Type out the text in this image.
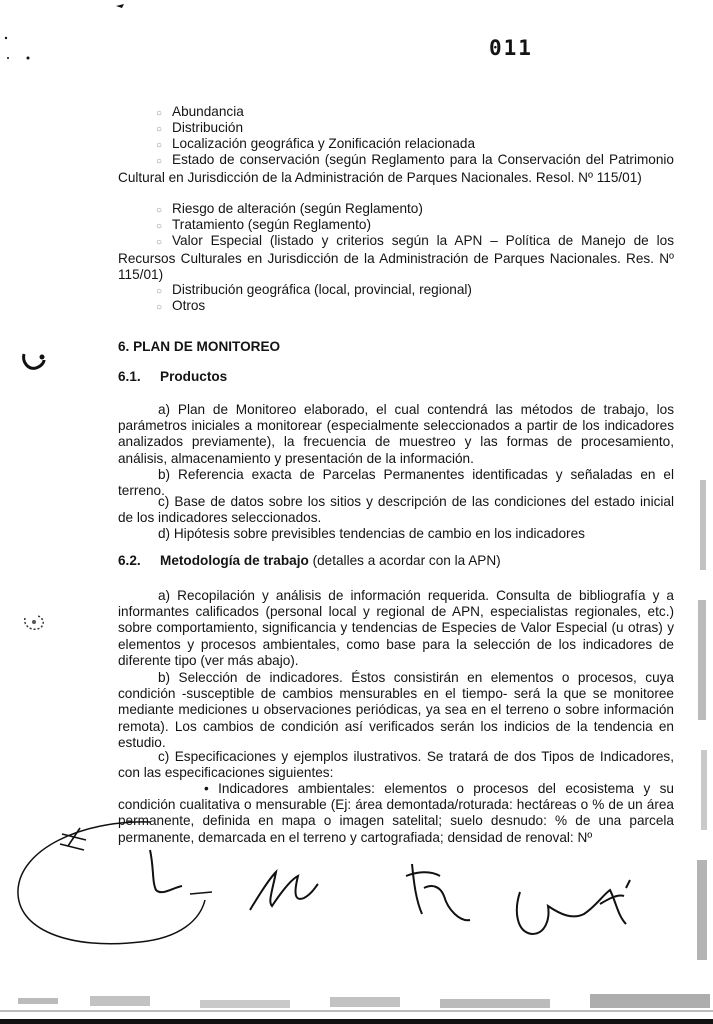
011
○ Abundancia
○ Distribución
○ Localización geográfica y Zonificación relacionada
○ Estado de conservación (según Reglamento para la Conservación del Patrimonio Cultural en Jurisdicción de la Administración de Parques Nacionales. Resol. Nº 115/01)
○ Riesgo de alteración (según Reglamento)
○ Tratamiento (según Reglamento)
○ Valor Especial (listado y criterios según la APN – Política de Manejo de los Recursos Culturales en Jurisdicción de la Administración de Parques Nacionales. Res. Nº 115/01)
○ Distribución geográfica (local, provincial, regional)
○ Otros
6. PLAN DE MONITOREO
6.1. Productos
a) Plan de Monitoreo elaborado, el cual contendrá las métodos de trabajo, los parámetros iniciales a monitorear (especialmente seleccionados a partir de los indicadores analizados previamente), la frecuencia de muestreo y las formas de procesamiento, análisis, almacenamiento y presentación de la información.
b) Referencia exacta de Parcelas Permanentes identificadas y señaladas en el terreno.
c) Base de datos sobre los sitios y descripción de las condiciones del estado inicial de los indicadores seleccionados.
d) Hipótesis sobre previsibles tendencias de cambio en los indicadores
6.2. Metodología de trabajo (detalles a acordar con la APN)
a) Recopilación y análisis de información requerida. Consulta de bibliografía y a informantes calificados (personal local y regional de APN, especialistas regionales, etc.) sobre comportamiento, significancia y tendencias de Especies de Valor Especial (u otras) y elementos y procesos ambientales, como base para la selección de los indicadores de diferente tipo (ver más abajo).
b) Selección de indicadores. Éstos consistirán en elementos o procesos, cuya condición -susceptible de cambios mensurables en el tiempo- será la que se monitoree mediante mediciones u observaciones periódicas, ya sea en el terreno o sobre información remota). Los cambios de condición así verificados serán los indicios de la tendencia en estudio.
c) Especificaciones y ejemplos ilustrativos. Se tratará de dos Tipos de Indicadores, con las especificaciones siguientes:
• Indicadores ambientales: elementos o procesos del ecosistema y su condición cualitativa o mensurable (Ej: área demontada/roturada: hectáreas o % de un área permanente, definida en mapa o imagen satelital; suelo desnudo: % de una parcela permanente, demarcada en el terreno y cartografiada; densidad de renoval: Nº
